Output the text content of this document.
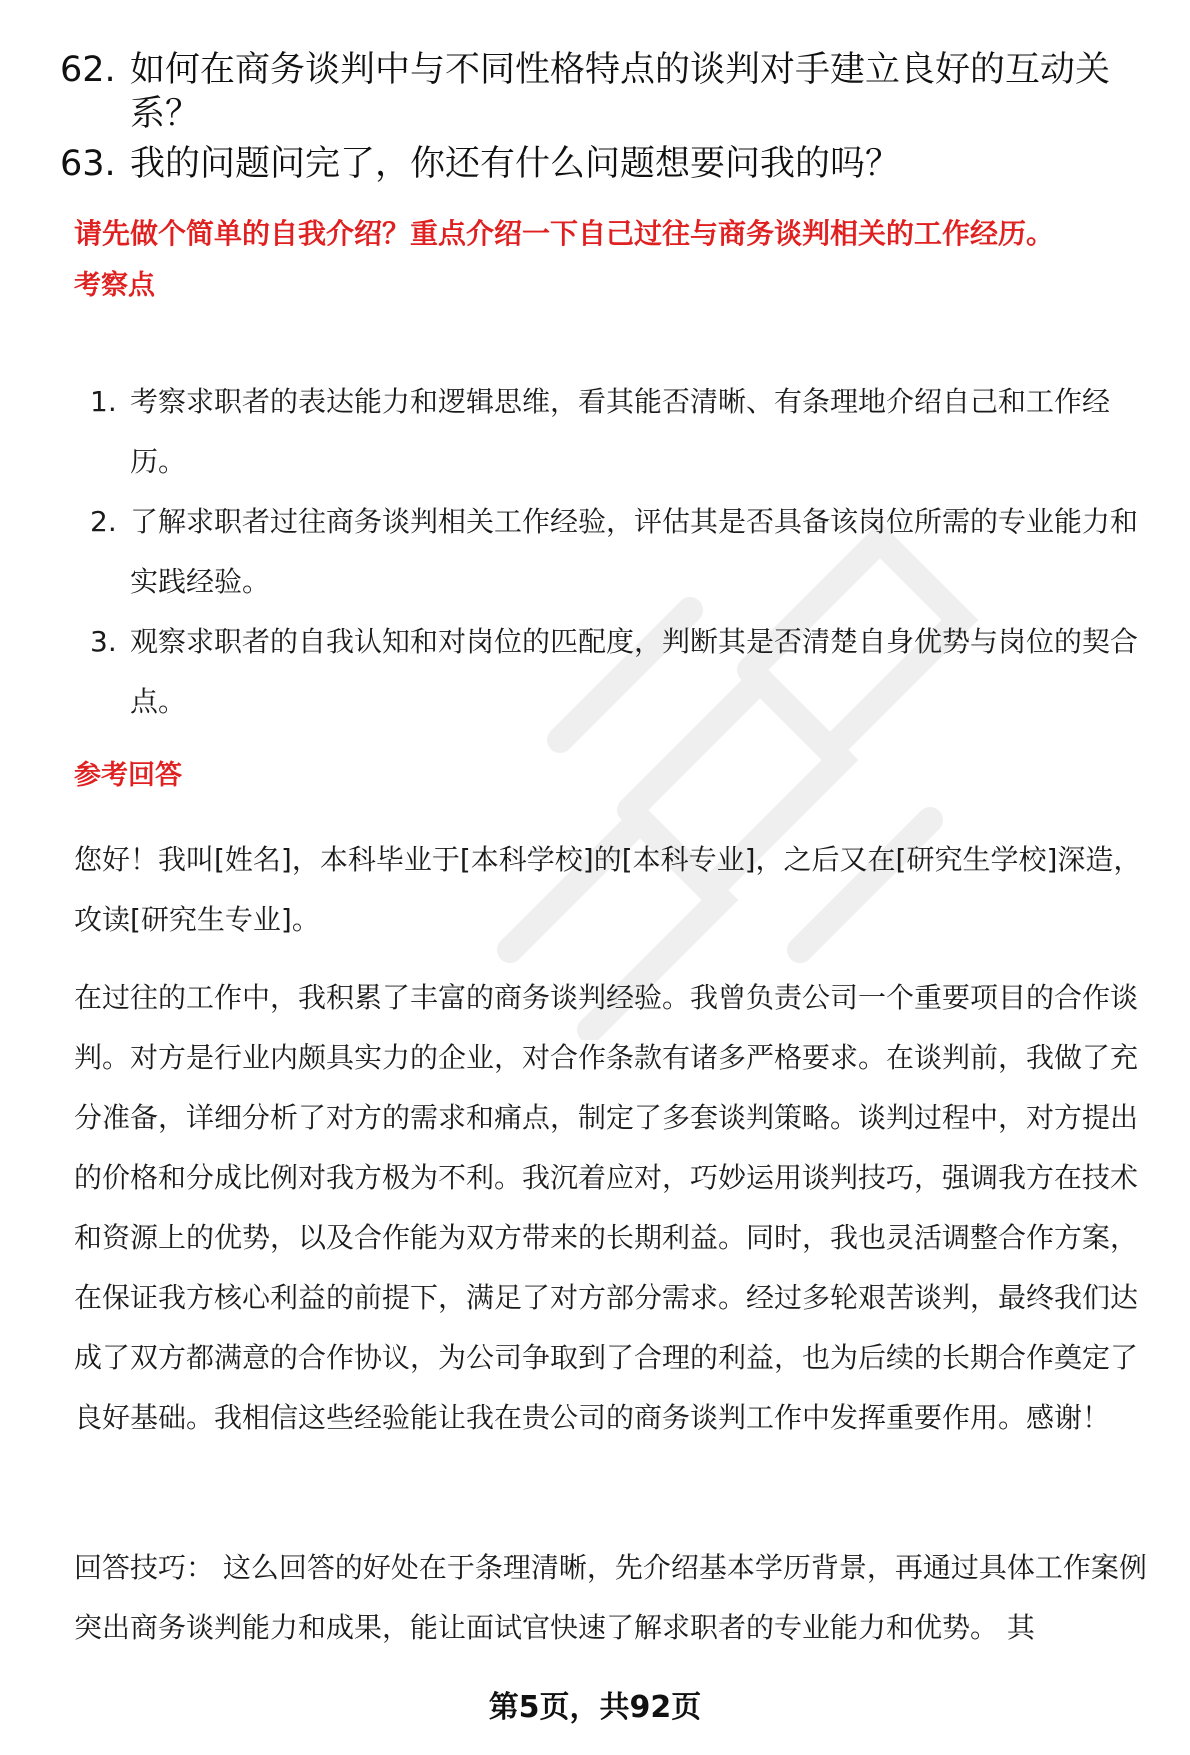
62. 如何在商务谈判中与不同性格特点的谈判对手建立良好的互动关系？
63. 我的问题问完了，你还有什么问题想要问我的吗？
请先做个简单的自我介绍？重点介绍一下自己过往与商务谈判相关的工作经历。
考察点
1. 考察求职者的表达能力和逻辑思维，看其能否清晰、有条理地介绍自己和工作经历。
2. 了解求职者过往商务谈判相关工作经验，评估其是否具备该岗位所需的专业能力和实践经验。
3. 观察求职者的自我认知和对岗位的匹配度，判断其是否清楚自身优势与岗位的契合点。
参考回答
您好！我叫[姓名]，本科毕业于[本科学校]的[本科专业]，之后又在[研究生学校]深造，攻读[研究生专业]。
在过往的工作中，我积累了丰富的商务谈判经验。我曾负责公司一个重要项目的合作谈判。对方是行业内颇具实力的企业，对合作条款有诸多严格要求。在谈判前，我做了充分准备，详细分析了对方的需求和痛点，制定了多套谈判策略。谈判过程中，对方提出的价格和分成比例对我方极为不利。我沉着应对，巧妙运用谈判技巧，强调我方在技术和资源上的优势，以及合作能为双方带来的长期利益。同时，我也灵活调整合作方案，在保证我方核心利益的前提下，满足了对方部分需求。经过多轮艰苦谈判，最终我们达成了双方都满意的合作协议，为公司争取到了合理的利益，也为后续的长期合作奠定了良好基础。我相信这些经验能让我在贵公司的商务谈判工作中发挥重要作用。感谢！
回答技巧： 这么回答的好处在于条理清晰，先介绍基本学历背景，再通过具体工作案例突出商务谈判能力和成果，能让面试官快速了解求职者的专业能力和优势。 其
第5页，共92页
